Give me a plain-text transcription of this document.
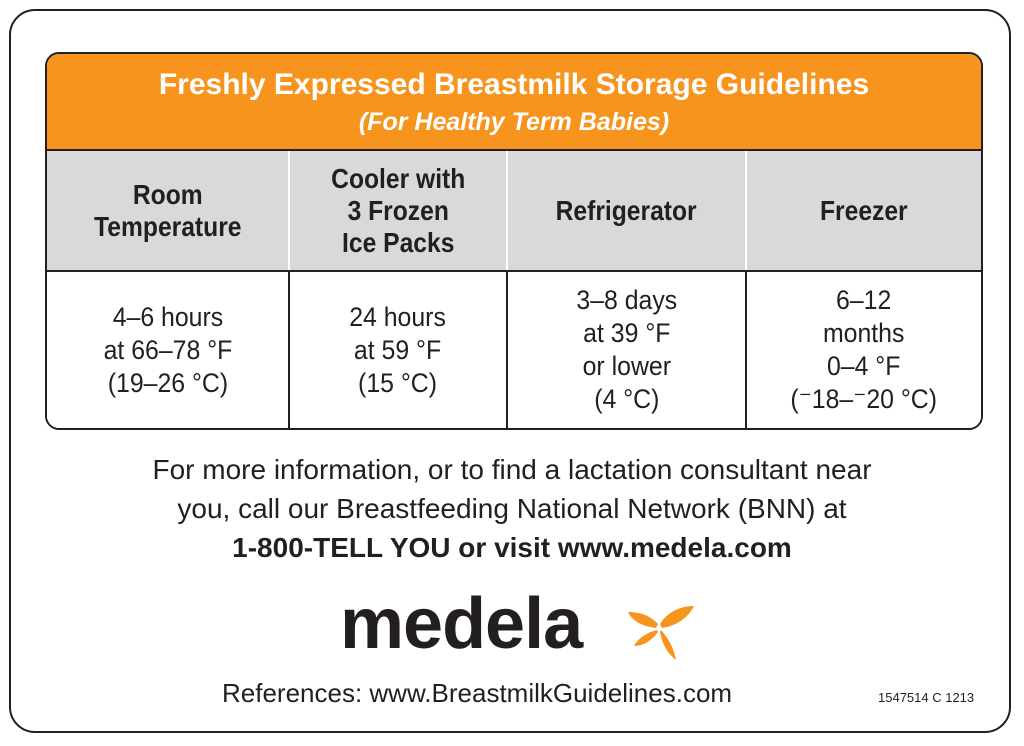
Freshly Expressed Breastmilk Storage Guidelines
(For Healthy Term Babies)
Room
Temperature
Cooler with
3 Frozen
Ice Packs
Refrigerator	Freezer
4–6 hours
at 66–78 °F
(19–26 °C)
24 hours
at 59 °F
(15 °C)
3–8 days
at 39 °F
or lower
(4 °C)
6–12
months
0–4 °F
(⁻18–⁻20 °C)
For more information, or to find a lactation consultant near
you, call our Breastfeeding National Network (BNN) at
1-800-TELL YOU or visit www.medela.com
medela
References: www.BreastmilkGuidelines.com	1547514 C 1213
